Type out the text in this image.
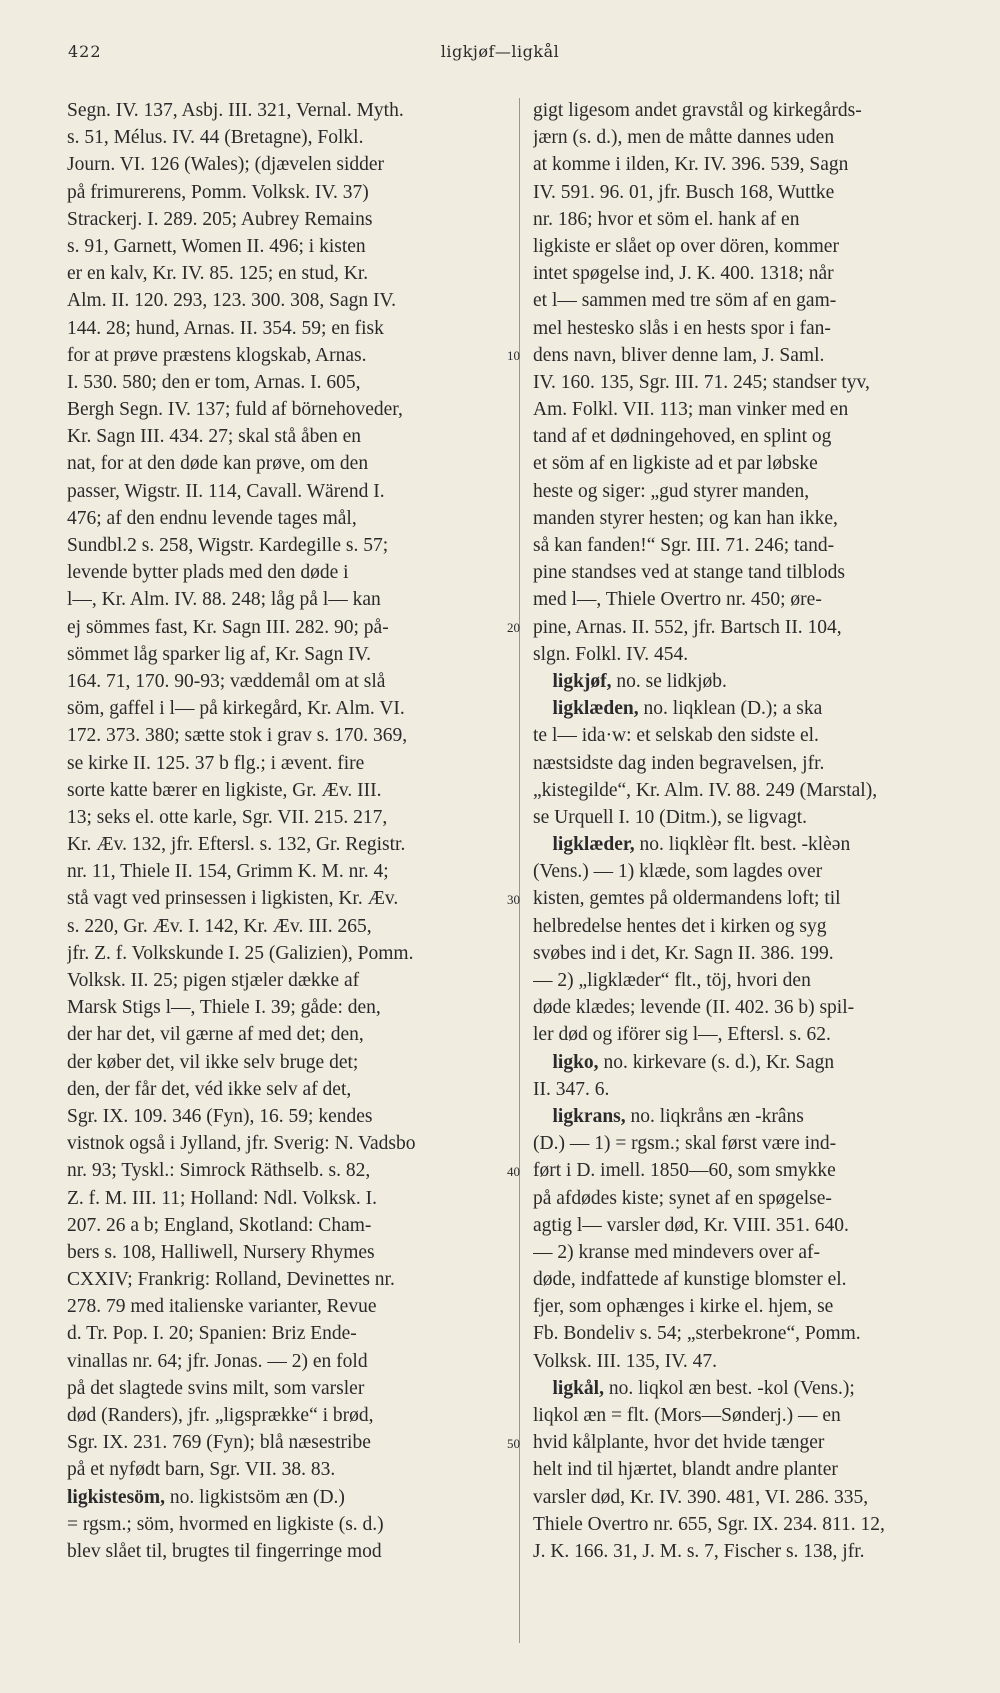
422	ligkjøf—ligkål
Segn. IV. 137, Asbj. III. 321, Vernal. Myth.
s. 51, Mélus. IV. 44 (Bretagne), Folkl.
Journ. VI. 126 (Wales); (djævelen sidder
på frimurerens, Pomm. Volksk. IV. 37)
Strackerj. I. 289. 205; Aubrey Remains
s. 91, Garnett, Women II. 496; i kisten
er en kalv, Kr. IV. 85. 125; en stud, Kr.
Alm. II. 120. 293, 123. 300. 308, Sagn IV.
144. 28; hund, Arnas. II. 354. 59; en fisk
for at prøve præstens klogskab, Arnas.
I. 530. 580; den er tom, Arnas. I. 605,
Bergh Segn. IV. 137; fuld af börnehoveder,
Kr. Sagn III. 434. 27; skal stå åben en
nat, for at den døde kan prøve, om den
passer, Wigstr. II. 114, Cavall. Wärend I.
476; af den endnu levende tages mål,
Sundbl.2 s. 258, Wigstr. Kardegille s. 57;
levende bytter plads med den døde i
l—, Kr. Alm. IV. 88. 248; låg på l— kan
ej sömmes fast, Kr. Sagn III. 282. 90; på-
sömmet låg sparker lig af, Kr. Sagn IV.
164. 71, 170. 90-93; væddemål om at slå
söm, gaffel i l— på kirkegård, Kr. Alm. VI.
172. 373. 380; sætte stok i grav s. 170. 369,
se kirke II. 125. 37 b flg.; i ævent. fire
sorte katte bærer en ligkiste, Gr. Æv. III.
13; seks el. otte karle, Sgr. VII. 215. 217,
Kr. Æv. 132, jfr. Eftersl. s. 132, Gr. Registr.
nr. 11, Thiele II. 154, Grimm K. M. nr. 4;
stå vagt ved prinsessen i ligkisten, Kr. Æv.
s. 220, Gr. Æv. I. 142, Kr. Æv. III. 265,
jfr. Z. f. Volkskunde I. 25 (Galizien), Pomm.
Volksk. II. 25; pigen stjæler dække af
Marsk Stigs l—, Thiele I. 39; gåde: den,
der har det, vil gærne af med det; den,
der køber det, vil ikke selv bruge det;
den, der får det, véd ikke selv af det,
Sgr. IX. 109. 346 (Fyn), 16. 59; kendes
vistnok også i Jylland, jfr. Sverig: N. Vadsbo
nr. 93; Tyskl.: Simrock Räthselb. s. 82,
Z. f. M. III. 11; Holland: Ndl. Volksk. I.
207. 26 a b; England, Skotland: Cham-
bers s. 108, Halliwell, Nursery Rhymes
CXXIV; Frankrig: Rolland, Devinettes nr.
278. 79 med italienske varianter, Revue
d. Tr. Pop. I. 20; Spanien: Briz Ende-
vinallas nr. 64; jfr. Jonas. — 2) en fold
på det slagtede svins milt, som varsler
død (Randers), jfr. „ligsprække“ i brød,
Sgr. IX. 231. 769 (Fyn); blå næsestribe
på et nyfødt barn, Sgr. VII. 38. 83.
ligkistesöm, no. ligkistsöm æn (D.)
= rgsm.; söm, hvormed en ligkiste (s. d.)
blev slået til, brugtes til fingerringe mod
gigt ligesom andet gravstål og kirkegårds-
jærn (s. d.), men de måtte dannes uden
at komme i ilden, Kr. IV. 396. 539, Sagn
IV. 591. 96. 01, jfr. Busch 168, Wuttke
nr. 186; hvor et söm el. hank af en
ligkiste er slået op over dören, kommer
intet spøgelse ind, J. K. 400. 1318; når
et l— sammen med tre söm af en gam-
mel hestesko slås i en hests spor i fan-
dens navn, bliver denne lam, J. Saml.
IV. 160. 135, Sgr. III. 71. 245; standser tyv,
Am. Folkl. VII. 113; man vinker med en
tand af et dødningehoved, en splint og
et söm af en ligkiste ad et par løbske
heste og siger: „gud styrer manden,
manden styrer hesten; og kan han ikke,
så kan fanden!“ Sgr. III. 71. 246; tand-
pine standses ved at stange tand tilblods
med l—, Thiele Overtro nr. 450; øre-
pine, Arnas. II. 552, jfr. Bartsch II. 104,
slgn. Folkl. IV. 454.
ligkjøf, no. se lidkjøb.
ligklæden, no. liqklean (D.); a ska
te l— ida·w: et selskab den sidste el.
næstsidste dag inden begravelsen, jfr.
„kistegilde“, Kr. Alm. IV. 88. 249 (Marstal),
se Urquell I. 10 (Ditm.), se ligvagt.
ligklæder, no. liqklèər flt. best. -klèən
(Vens.) — 1) klæde, som lagdes over
kisten, gemtes på oldermandens loft; til
helbredelse hentes det i kirken og syg
svøbes ind i det, Kr. Sagn II. 386. 199.
— 2) „ligklæder“ flt., töj, hvori den
døde klædes; levende (II. 402. 36 b) spil-
ler død og iförer sig l—, Eftersl. s. 62.
ligko, no. kirkevare (s. d.), Kr. Sagn
II. 347. 6.
ligkrans, no. liqkråns æn -krâns
(D.) — 1) = rgsm.; skal først være ind-
ført i D. imell. 1850—60, som smykke
på afdødes kiste; synet af en spøgelse-
agtig l— varsler død, Kr. VIII. 351. 640.
— 2) kranse med mindevers over af-
døde, indfattede af kunstige blomster el.
fjer, som ophænges i kirke el. hjem, se
Fb. Bondeliv s. 54; „sterbekrone“, Pomm.
Volksk. III. 135, IV. 47.
ligkål, no. liqkol æn best. -kol (Vens.);
liqkol æn = flt. (Mors—Sønderj.) — en
hvid kålplante, hvor det hvide tænger
helt ind til hjærtet, blandt andre planter
varsler død, Kr. IV. 390. 481, VI. 286. 335,
Thiele Overtro nr. 655, Sgr. IX. 234. 811. 12,
J. K. 166. 31, J. M. s. 7, Fischer s. 138, jfr.
10
20
30
40
50
